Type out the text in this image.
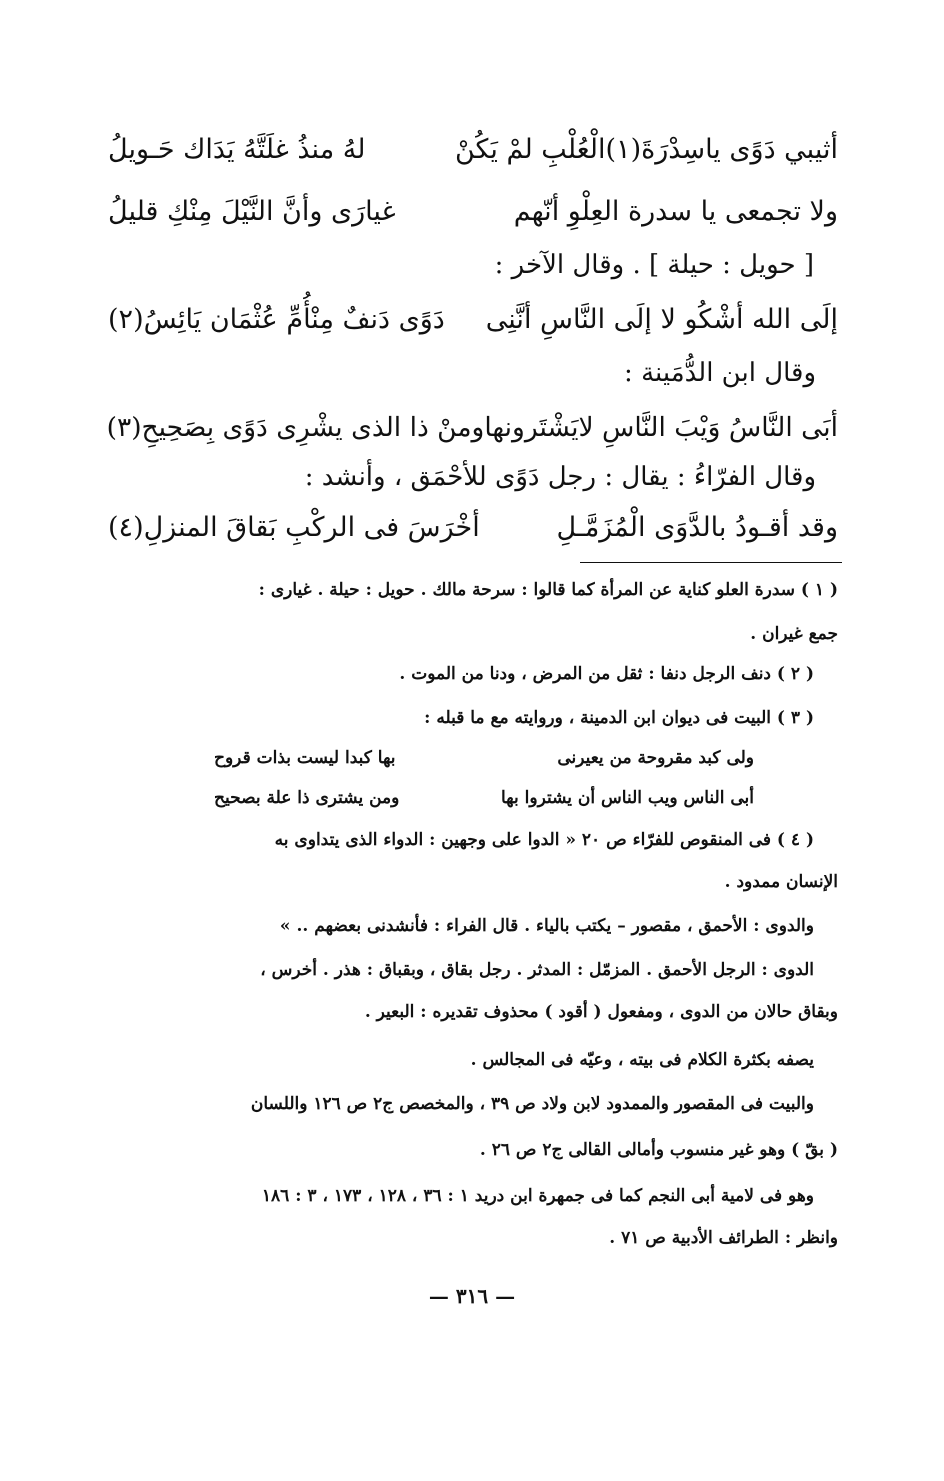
أثيبي دَوًى ياسِدْرَةَ(١)الْعُلْبِ لمْ يَكُنْ
لهُ منذُ غلَتَّهُ يَدَاك حَـويلُ
ولا تجمعى يا سدرة العِلْوِ أنّهم
غيارَى وأنَّ النَّيْلَ مِنْكِ قليلُ
[ حويل : حيلة ] . وقال الآخر :
إلَى الله أشْكُو لا إلَى النَّاسِ أنَّنِى
دَوًى دَنفٌ مِنْأُمِّ عُثْمَان يَائِسُ(٢)
وقال ابن الدُّمَينة :
أبَى النَّاسُ وَيْبَ النَّاسِ لايَشْتَرونها
ومنْ ذا الذى يشْرِى دَوًى بِصَحِيحِ(٣)
وقال الفرّاءُ : يقال : رجل دَوًى للأحْمَق ، وأنشد :
وقد أقـودُ بالدَّوَى الْمُزَمَّـلِ
أخْرَسَ فى الركْبِ بَقاقَ المنزلِ(٤)
( ١ ) سدرة العلو كناية عن المرأة كما قالوا : سرحة مالك . حويل : حيلة . غيارى :
جمع غيران .
( ٢ ) دنف الرجل دنفا : ثقل من المرض ، ودنا من الموت .
( ٣ ) البيت فى ديوان ابن الدمينة ، وروايته مع ما قبله :
ولى كبد مقروحة من يعيرنى
بها كبدا ليست بذات قروح
أبى الناس ويب الناس أن يشتروا بها
ومن يشترى ذا علة بصحيح
( ٤ ) فى المنقوص للفرّاء ص ٢٠ « الدوا على وجهين : الدواء الذى يتداوى به
الإنسان ممدود .
والدوى : الأحمق ، مقصور – يكتب بالياء . قال الفراء : فأنشدنى بعضهم .. »
الدوى : الرجل الأحمق . المزمّل : المدثر . رجل بقاق ، وبقباق : هذر . أخرس ،
وبقاق حالان من الدوى ، ومفعول ( أقود ) محذوف تقديره : البعير .
يصفه بكثرة الكلام فى بيته ، وعيّه فى المجالس .
والبيت فى المقصور والممدود لابن ولاد ص ٣٩ ، والمخصص ج٢ ص ١٢٦ واللسان
( بقّ ) وهو غير منسوب وأمالى القالى ج٢ ص ٢٦ .
وهو فى لامية أبى النجم كما فى جمهرة ابن دريد ١ : ٣٦ ، ١٢٨ ، ١٧٣ ، ٣ : ١٨٦
وانظر : الطرائف الأدبية ص ٧١ .
— ٣١٦ —
